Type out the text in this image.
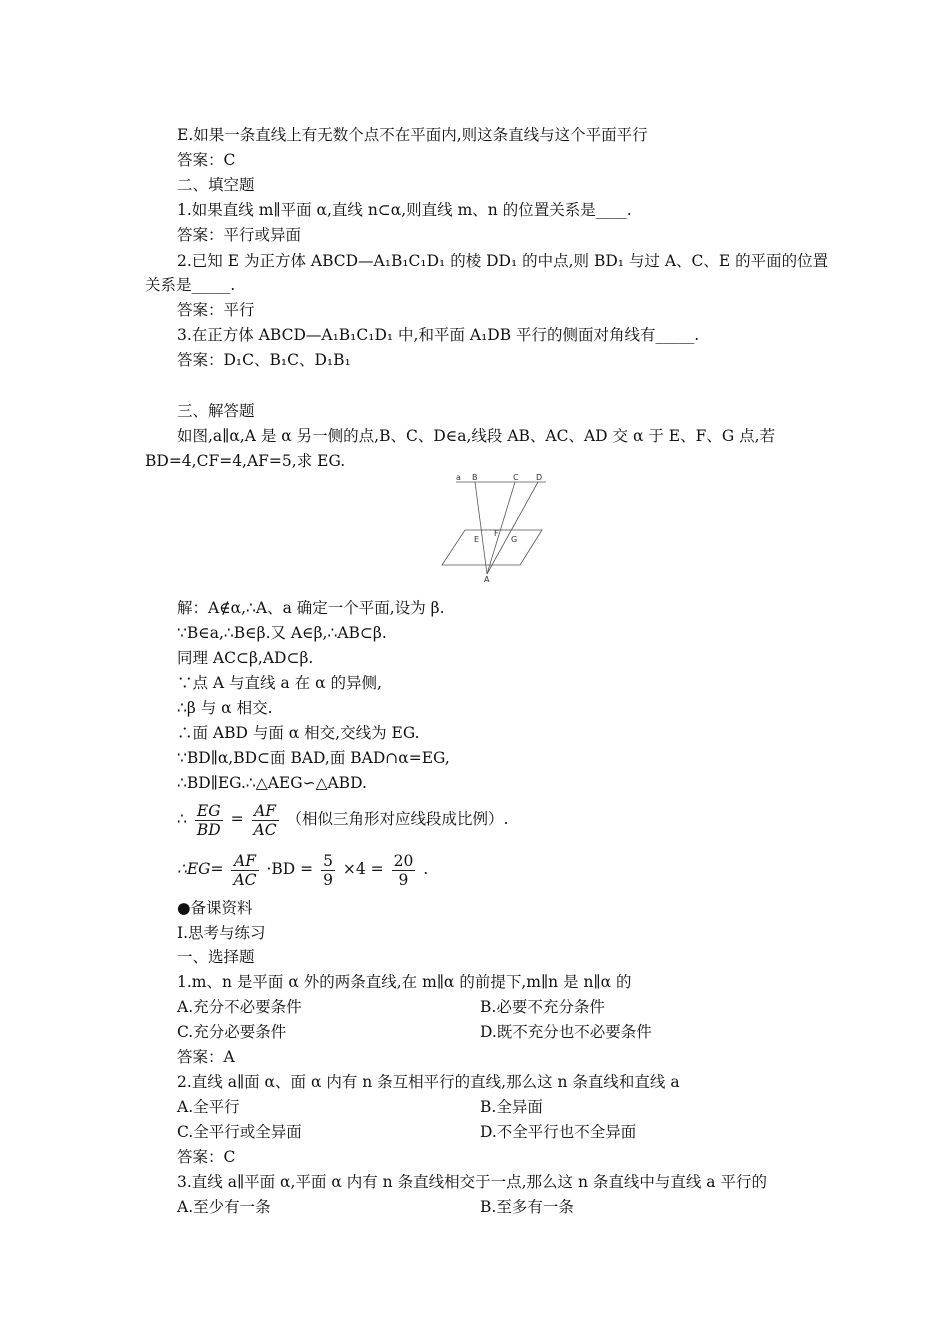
E.如果一条直线上有无数个点不在平面内,则这条直线与这个平面平行
答案：C
二、填空题
1.如果直线 m∥平面 α,直线 n⊂α,则直线 m、n 的位置关系是____.
答案：平行或异面
2.已知 E 为正方体 ABCD—A₁B₁C₁D₁ 的棱 DD₁ 的中点,则 BD₁ 与过 A、C、E 的平面的位置
关系是_____.
答案：平行
3.在正方体 ABCD—A₁B₁C₁D₁ 中,和平面 A₁DB 平行的侧面对角线有_____.
答案：D₁C、B₁C、D₁B₁
三、解答题
如图,a∥α,A 是 α 另一侧的点,B、C、D∈a,线段 AB、AC、AD 交 α 于 E、F、G 点,若
BD=4,CF=4,AF=5,求 EG.
a B	C D
E
F
G
A
解：A∉α,∴A、a 确定一个平面,设为 β.
∵B∈a,∴B∈β.又 A∈β,∴AB⊂β.
同理 AC⊂β,AD⊂β.
∵点 A 与直线 a 在 α 的异侧,
∴β 与 α 相交.
∴面 ABD 与面 α 相交,交线为 EG.
∵BD∥α,BD⊂面 BAD,面 BAD∩α=EG,
∴BD∥EG.∴△AEG∽△ABD.
∴ $\frac{EG}{BD} = \frac{AF}{AC}$ （相似三角形对应线段成比例）.
∴EG= $\frac{AF}{AC} \cdot BD = \frac{5}{9} \times 4 = \frac{20}{9}$ .
●备课资料
Ⅰ.思考与练习
一、选择题
1.m、n 是平面 α 外的两条直线,在 m∥α 的前提下,m∥n 是 n∥α 的
A.充分不必要条件	B.必要不充分条件
C.充分必要条件	D.既不充分也不必要条件
答案：A
2.直线 a∥面 α、面 α 内有 n 条互相平行的直线,那么这 n 条直线和直线 a
A.全平行	B.全异面
C.全平行或全异面	D.不全平行也不全异面
答案：C
3.直线 a∥平面 α,平面 α 内有 n 条直线相交于一点,那么这 n 条直线中与直线 a 平行的
A.至少有一条	B.至多有一条
